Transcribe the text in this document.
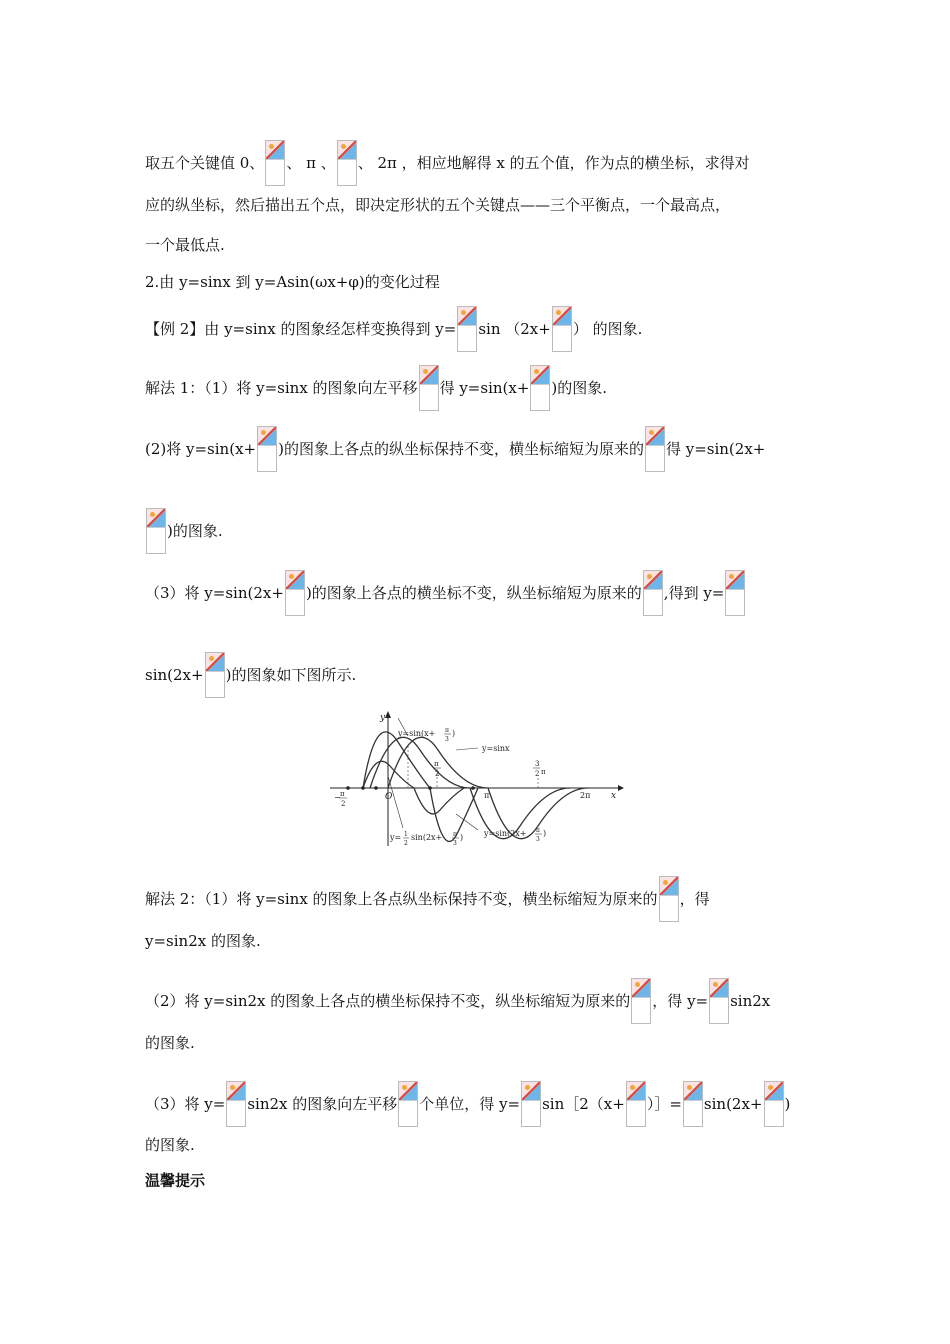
取五个关键值 0、 、 π 、 、 2π ，相应地解得 x 的五个值，作为点的横坐标，求得对
应的纵坐标，然后描出五个点，即决定形状的五个关键点——三个平衡点，一个最高点，
一个最低点.
2.由 y=sinx 到 y=Asin(ωx+φ)的变化过程
【例 2】由 y=sinx 的图象经怎样变换得到 y= sin （2x+ ） 的图象.
解法 1：（1）将 y=sinx 的图象向左平移 得 y=sin(x+ )的图象.
(2)将 y=sin(x+ )的图象上各点的纵坐标保持不变，横坐标缩短为原来的 得 y=sin(2x+
)的图象.
（3）将 y=sin(2x+ )的图象上各点的横坐标不变，纵坐标缩短为原来的 ,得到 y=
sin(2x+ )的图象如下图所示.
y
x
O
− π
2
π
2
π
3
2 π
2π
y=sin(x+ π
3
)
y=sinx
y= 1
2
sin(2x+ π
3
)	y=sin(2x+ π
3
)
解法 2：（1）将 y=sinx 的图象上各点纵坐标保持不变，横坐标缩短为原来的 ，得
y=sin2x 的图象.
（2）将 y=sin2x 的图象上各点的横坐标保持不变，纵坐标缩短为原来的 ，得 y= sin2x
的图象.
（3）将 y= sin2x 的图象向左平移 个单位，得 y= sin［2（x+ ）］= sin(2x+ )
的图象.
温馨提示
